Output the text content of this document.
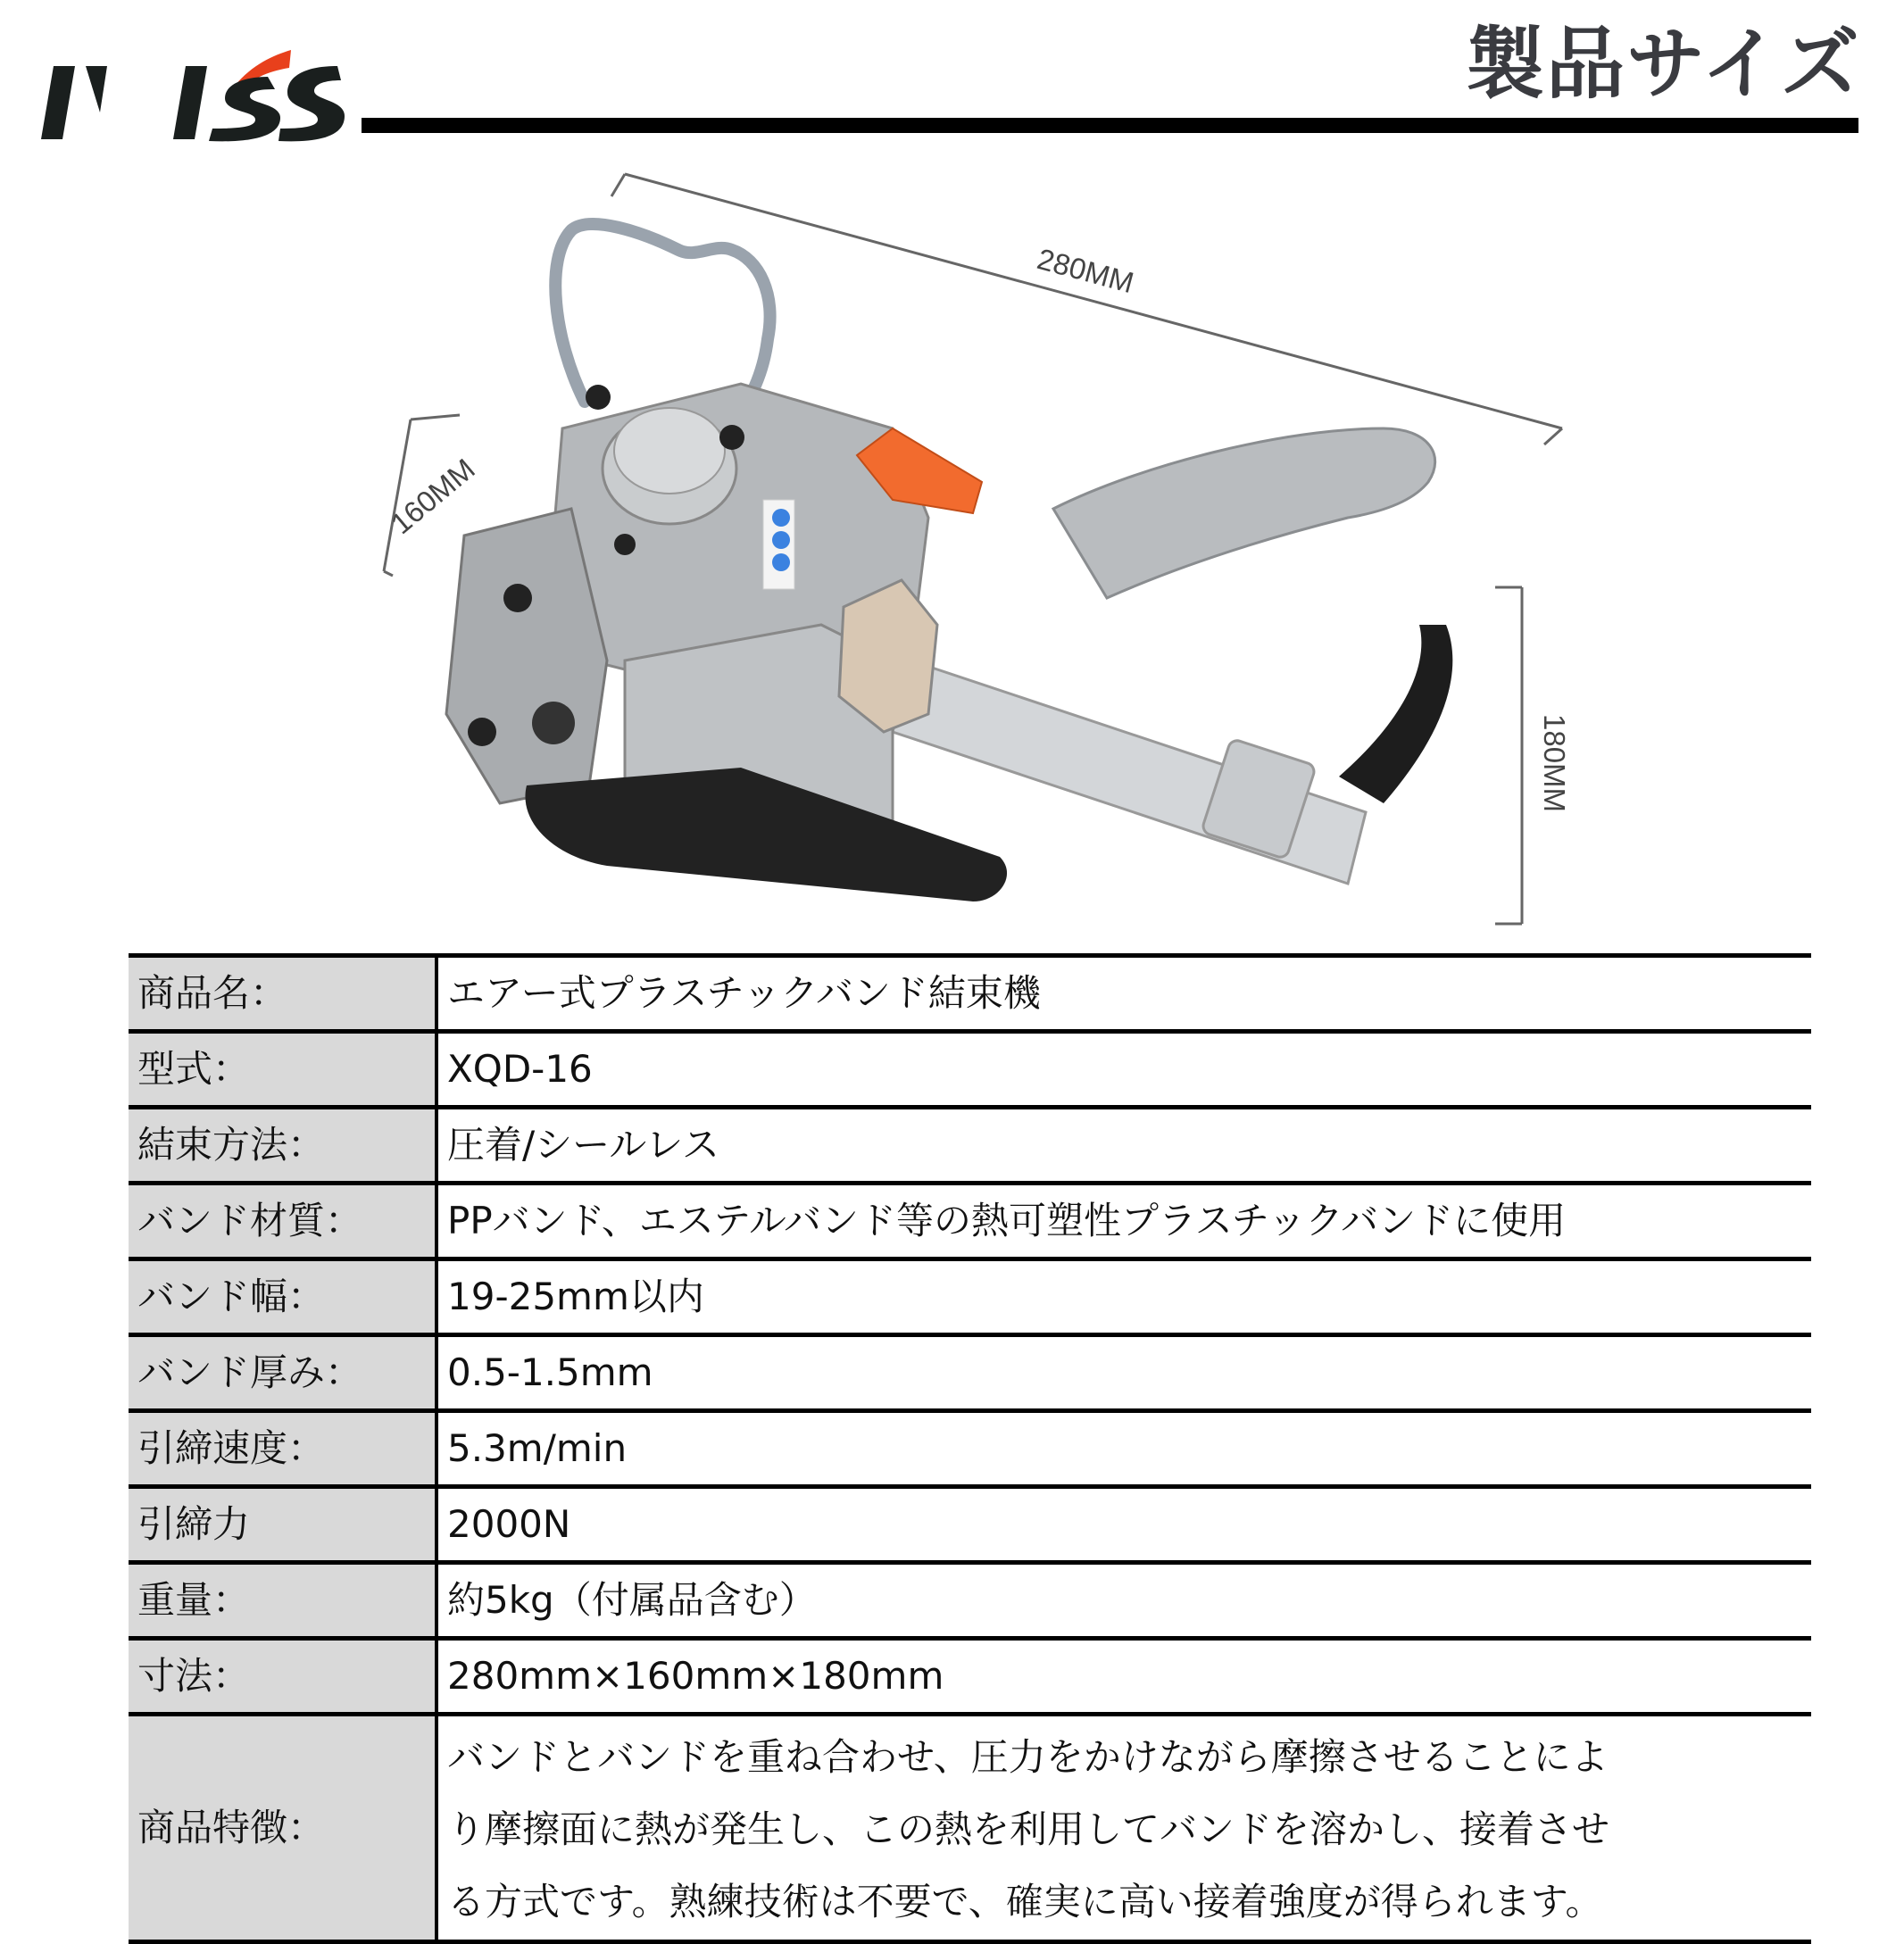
製品サイズ
280MM
160MM
180MM
商品名：	エアー式プラスチックバンド結束機
型式：	XQD-16
結束方法：	圧着/シールレス
バンド材質：	PPバンド、エステルバンド等の熱可塑性プラスチックバンドに使用
バンド幅：	19-25mm以内
バンド厚み：	0.5-1.5mm
引締速度：	5.3m/min
引締力	2000N
重量：	約5kg（付属品含む）
寸法：	280mm×160mm×180mm
商品特徴：	バンドとバンドを重ね合わせ、圧力をかけながら摩擦させることによ
り摩擦面に熱が発生し、この熱を利用してバンドを溶かし、接着させ
る方式です。熟練技術は不要で、確実に高い接着強度が得られます。
